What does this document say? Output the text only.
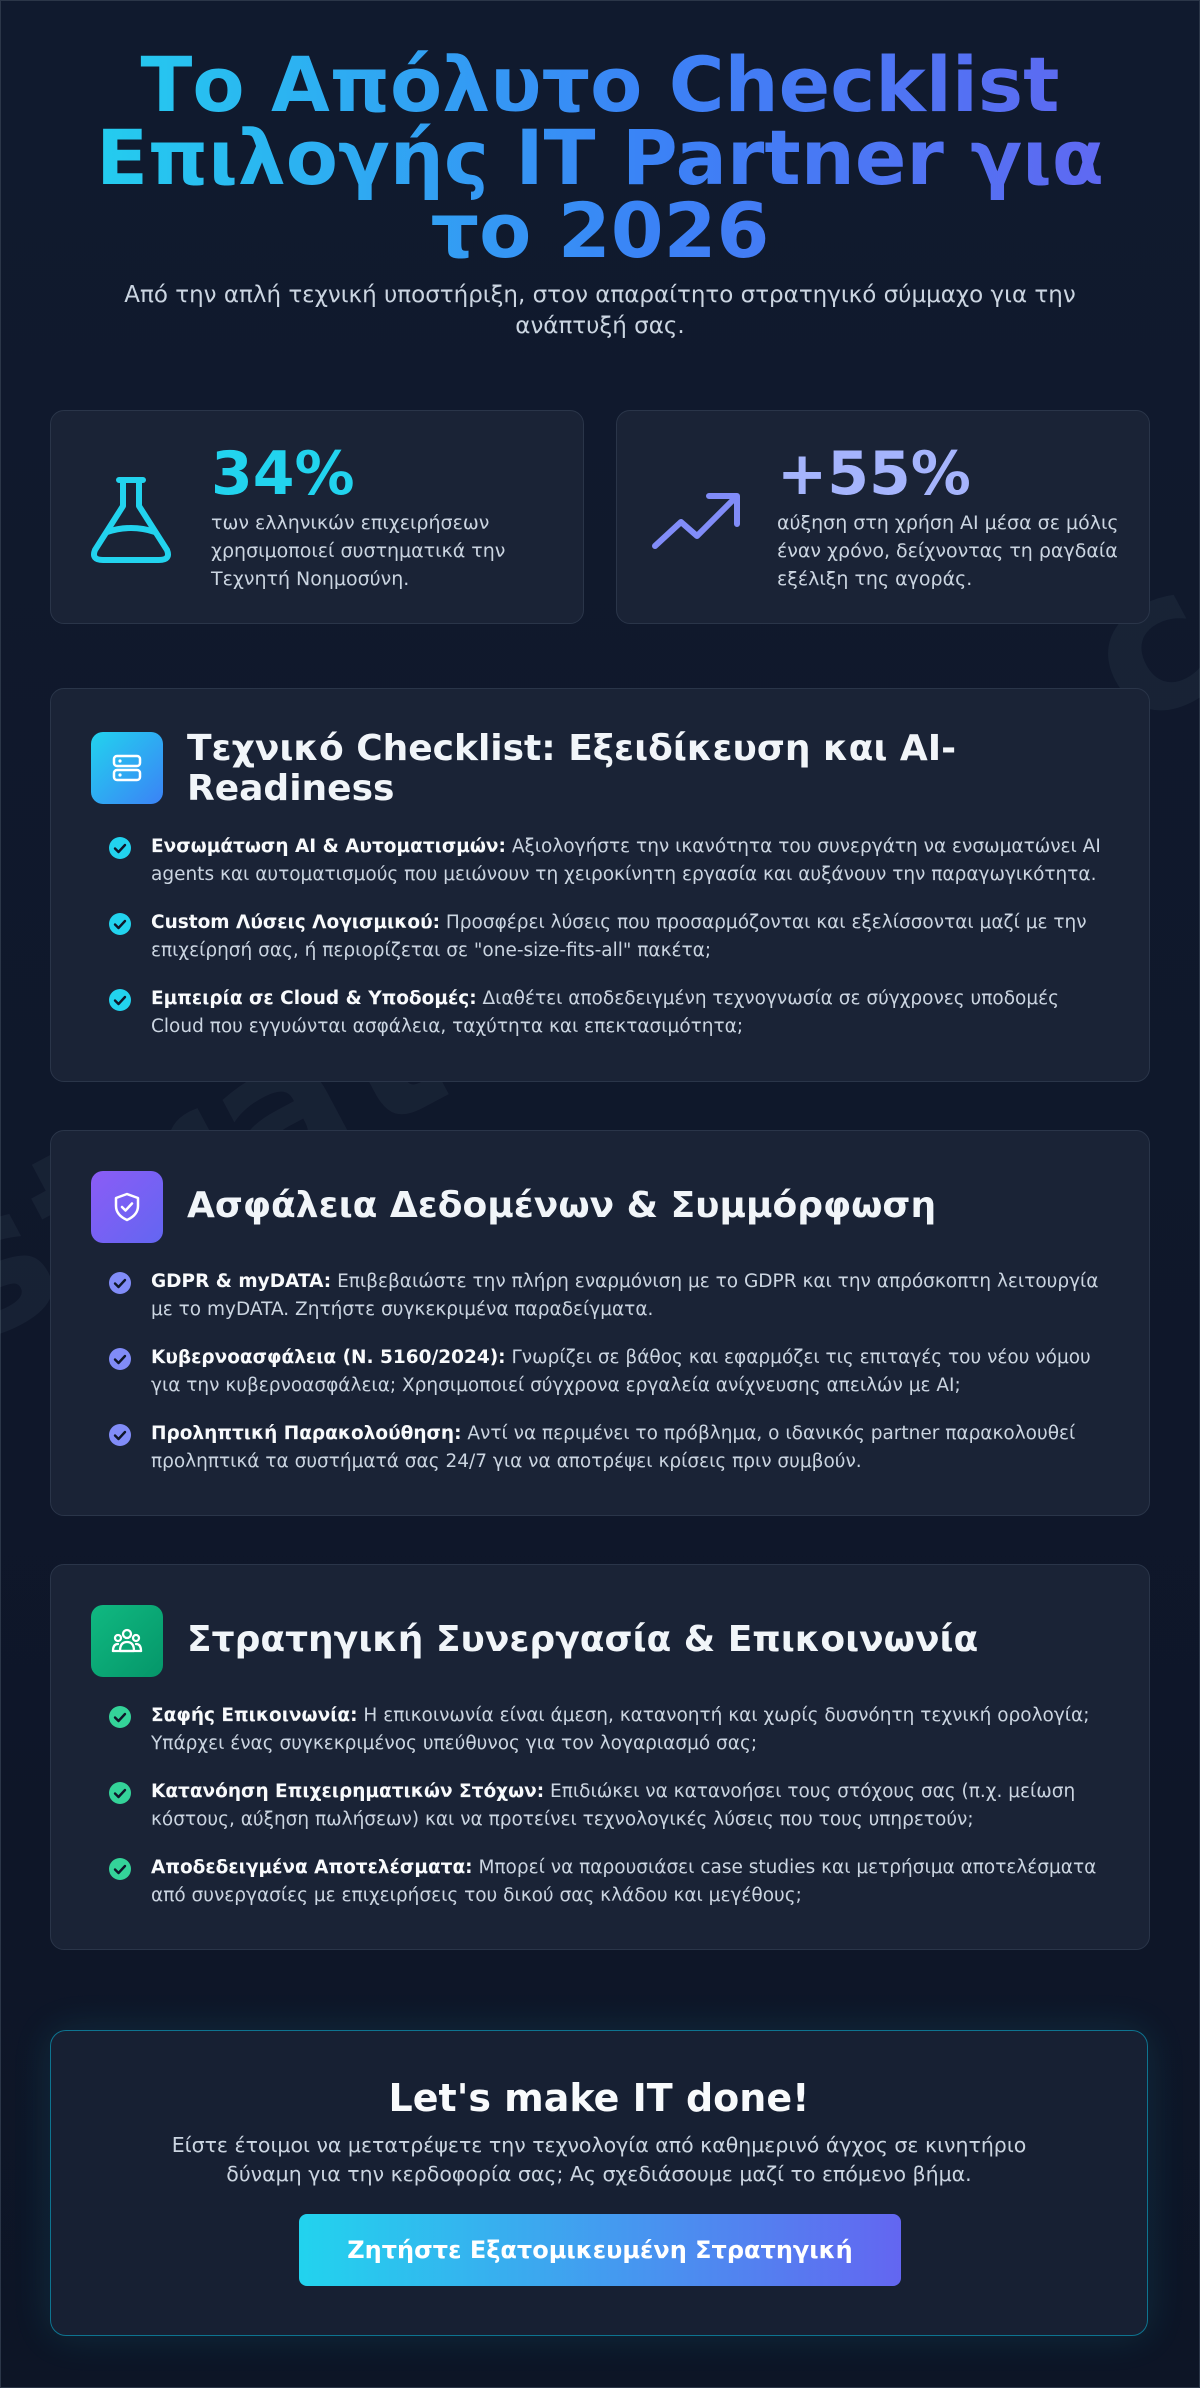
Το Απόλυτο Checklist Επιλογής IT Partner για το 2026
Από την απλή τεχνική υποστήριξη, στον απαραίτητο στρατηγικό σύμμαχο για την ανάπτυξή σας.
34%
των ελληνικών επιχειρήσεων χρησιμοποιεί συστηματικά την Τεχνητή Νοημοσύνη.
+55%
αύξηση στη χρήση AI μέσα σε μόλις έναν χρόνο, δείχνοντας τη ραγδαία εξέλιξη της αγοράς.
Τεχνικό Checklist: Εξειδίκευση και AI-Readiness
Ενσωμάτωση AI & Αυτοματισμών: Αξιολογήστε την ικανότητα του συνεργάτη να ενσωματώνει AI agents και αυτοματισμούς που μειώνουν τη χειροκίνητη εργασία και αυξάνουν την παραγωγικότητα.
Custom Λύσεις Λογισμικού: Προσφέρει λύσεις που προσαρμόζονται και εξελίσσονται μαζί με την επιχείρησή σας, ή περιορίζεται σε "one-size-fits-all" πακέτα;
Εμπειρία σε Cloud & Υποδομές: Διαθέτει αποδεδειγμένη τεχνογνωσία σε σύγχρονες υποδομές Cloud που εγγυώνται ασφάλεια, ταχύτητα και επεκτασιμότητα;
Ασφάλεια Δεδομένων & Συμμόρφωση
GDPR & myDATA: Επιβεβαιώστε την πλήρη εναρμόνιση με το GDPR και την απρόσκοπτη λειτουργία με το myDATA. Ζητήστε συγκεκριμένα παραδείγματα.
Κυβερνοασφάλεια (Ν. 5160/2024): Γνωρίζει σε βάθος και εφαρμόζει τις επιταγές του νέου νόμου για την κυβερνοασφάλεια; Χρησιμοποιεί σύγχρονα εργαλεία ανίχνευσης απειλών με AI;
Προληπτική Παρακολούθηση: Αντί να περιμένει το πρόβλημα, ο ιδανικός partner παρακολουθεί προληπτικά τα συστήματά σας 24/7 για να αποτρέψει κρίσεις πριν συμβούν.
Στρατηγική Συνεργασία & Επικοινωνία
Σαφής Επικοινωνία: Η επικοινωνία είναι άμεση, κατανοητή και χωρίς δυσνόητη τεχνική ορολογία; Υπάρχει ένας συγκεκριμένος υπεύθυνος για τον λογαριασμό σας;
Κατανόηση Επιχειρηματικών Στόχων: Επιδιώκει να κατανοήσει τους στόχους σας (π.χ. μείωση κόστους, αύξηση πωλήσεων) και να προτείνει τεχνολογικές λύσεις που τους υπηρετούν;
Αποδεδειγμένα Αποτελέσματα: Μπορεί να παρουσιάσει case studies και μετρήσιμα αποτελέσματα από συνεργασίες με επιχειρήσεις του δικού σας κλάδου και μεγέθους;
Let's make IT done!
Είστε έτοιμοι να μετατρέψετε την τεχνολογία από καθημερινό άγχος σε κινητήριο δύναμη για την κερδοφορία σας; Ας σχεδιάσουμε μαζί το επόμενο βήμα.
Ζητήστε Εξατομικευμένη Στρατηγική
